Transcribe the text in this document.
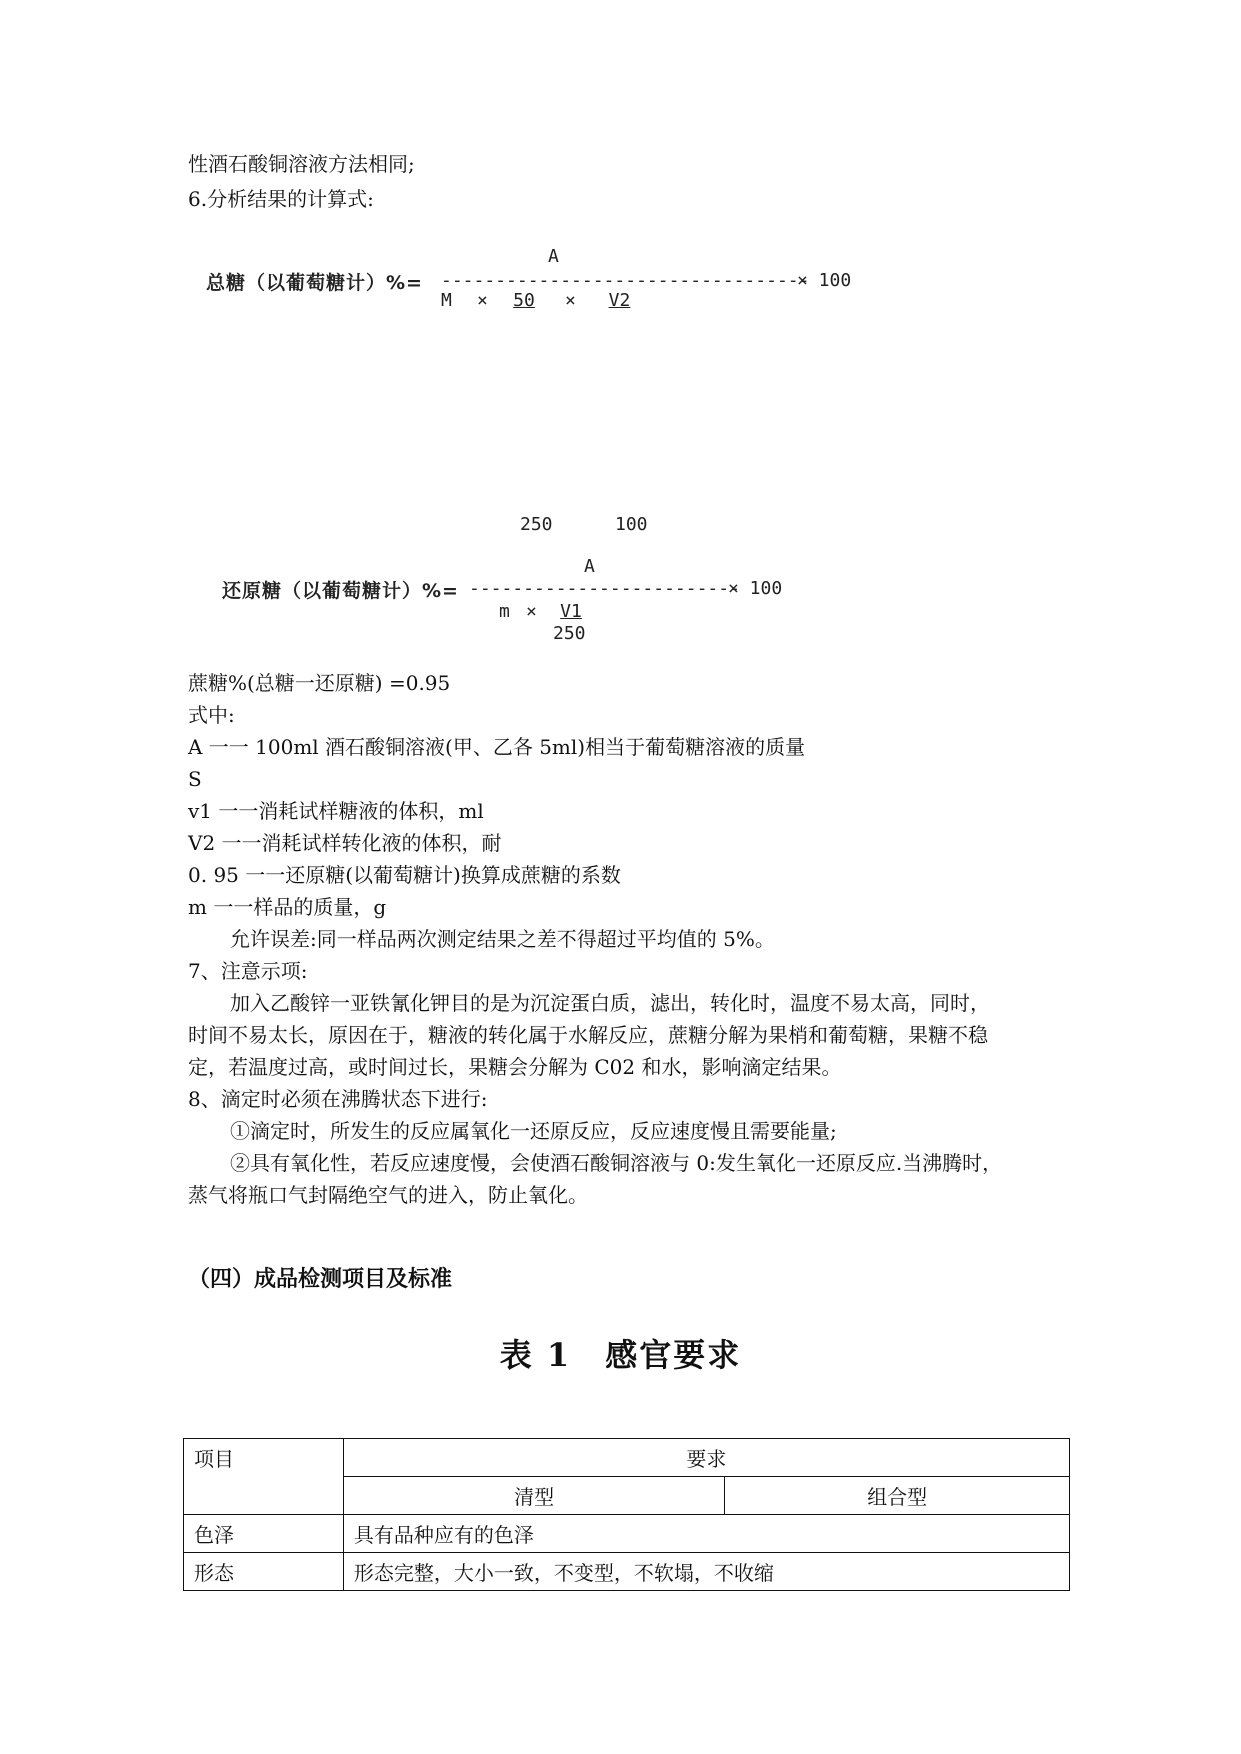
性酒石酸铜溶液方法相同;
6.分析结果的计算式:
A
总糖（以葡萄糖计）%= ----------------------------------
× 100
M ×	50	×	V2
250	100
A
还原糖（以葡萄糖计）%= -------------------------
× 100
m ×	V1
250
蔗糖%(总糖一还原糖) =0.95
式中:
A 一一 100ml 酒石酸铜溶液(甲、乙各 5ml)相当于葡萄糖溶液的质量
S
v1 一一消耗试样糖液的体积，ml
V2 一一消耗试样转化液的体积，耐
0. 95 一一还原糖(以葡萄糖计)换算成蔗糖的系数
m 一一样品的质量，g
允许误差:同一样品两次测定结果之差不得超过平均值的 5%。
7、注意示项:
加入乙酸锌一亚铁氰化钾目的是为沉淀蛋白质，滤出，转化时，温度不易太高，同时，
时间不易太长，原因在于，糖液的转化属于水解反应，蔗糖分解为果梢和葡萄糖，果糖不稳
定，若温度过高，或时间过长，果糖会分解为 C02 和水，影响滴定结果。
8、滴定时必须在沸腾状态下进行:
①滴定时，所发生的反应属氧化一还原反应，反应速度慢且需要能量;
②具有氧化性，若反应速度慢，会使酒石酸铜溶液与 0:发生氧化一还原反应.当沸腾时，
蒸气将瓶口气封隔绝空气的进入，防止氧化。
（四）成品检测项目及标准
表 1　感官要求
项目	要求	
	清型	组合型
色泽	具有品种应有的色泽	
形态	形态完整，大小一致，不变型，不软塌，不收缩	
